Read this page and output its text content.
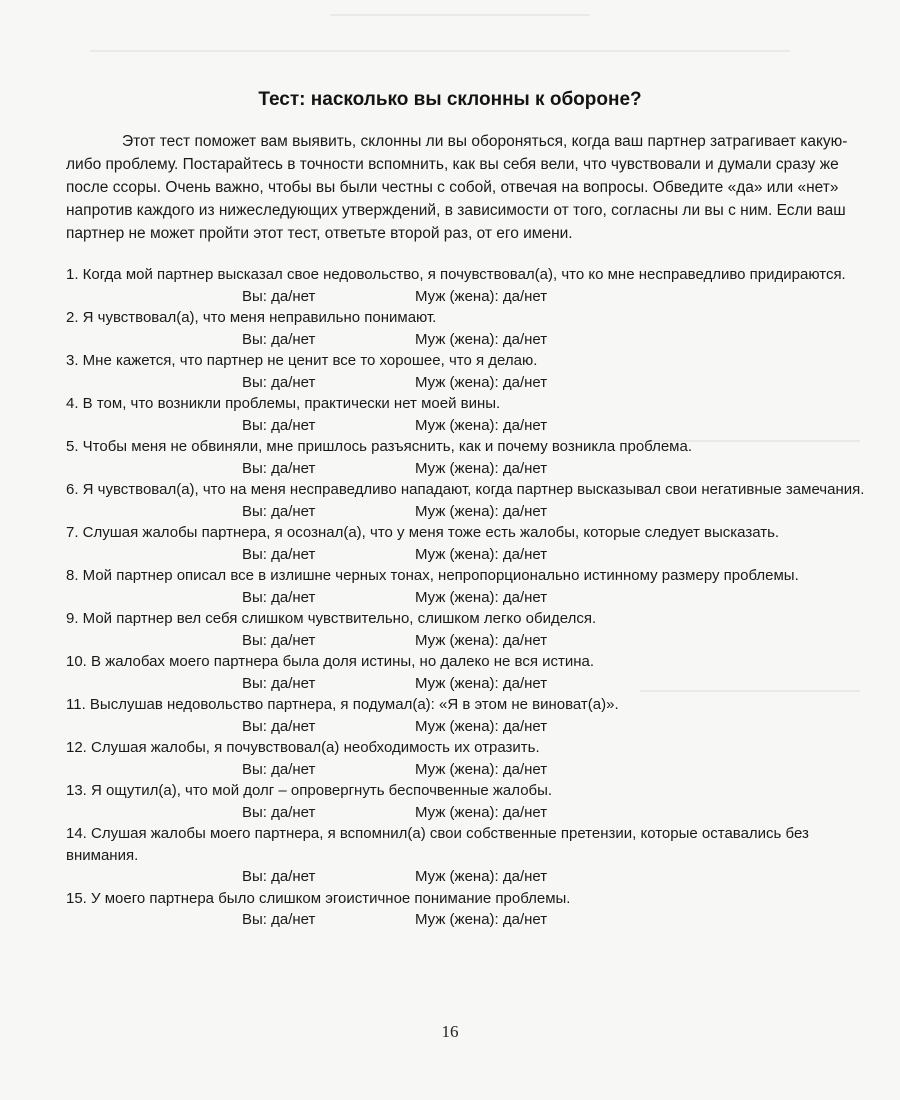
Тест: насколько вы склонны к обороне?
Этот тест поможет вам выявить, склонны ли вы обороняться, когда ваш партнер затрагивает какую-либо проблему. Постарайтесь в точности вспомнить, как вы себя вели, что чувствовали и думали сразу же после ссоры. Очень важно, чтобы вы были честны с собой, отвечая на вопросы. Обведите «да» или «нет» напротив каждого из нижеследующих утверждений, в зависимости от того, согласны ли вы с ним. Если ваш партнер не может пройти этот тест, ответьте второй раз, от его имени.
1. Когда мой партнер высказал свое недовольство, я почувствовал(а), что ко мне несправедливо придираются.
Вы: да/нет	Муж (жена): да/нет
2. Я чувствовал(а), что меня неправильно понимают.
Вы: да/нет	Муж (жена): да/нет
3. Мне кажется, что партнер не ценит все то хорошее, что я делаю.
Вы: да/нет	Муж (жена): да/нет
4. В том, что возникли проблемы, практически нет моей вины.
Вы: да/нет	Муж (жена): да/нет
5. Чтобы меня не обвиняли, мне пришлось разъяснить, как и почему возникла проблема.
Вы: да/нет	Муж (жена): да/нет
6. Я чувствовал(а), что на меня несправедливо нападают, когда партнер высказывал свои негативные замечания.
Вы: да/нет	Муж (жена): да/нет
7. Слушая жалобы партнера, я осознал(а), что у меня тоже есть жалобы, которые следует высказать.
Вы: да/нет	Муж (жена): да/нет
8. Мой партнер описал все в излишне черных тонах, непропорционально истинному размеру проблемы.
Вы: да/нет	Муж (жена): да/нет
9. Мой партнер вел себя слишком чувствительно, слишком легко обиделся.
Вы: да/нет	Муж (жена): да/нет
10. В жалобах моего партнера была доля истины, но далеко не вся истина.
Вы: да/нет	Муж (жена): да/нет
11. Выслушав недовольство партнера, я подумал(а): «Я в этом не виноват(а)».
Вы: да/нет	Муж (жена): да/нет
12. Слушая жалобы, я почувствовал(а) необходимость их отразить.
Вы: да/нет	Муж (жена): да/нет
13. Я ощутил(а), что мой долг – опровергнуть беспочвенные жалобы.
Вы: да/нет	Муж (жена): да/нет
14. Слушая жалобы моего партнера, я вспомнил(а) свои собственные претензии, которые оставались без внимания.
Вы: да/нет	Муж (жена): да/нет
15. У моего партнера было слишком эгоистичное понимание проблемы.
Вы: да/нет	Муж (жена): да/нет
16
